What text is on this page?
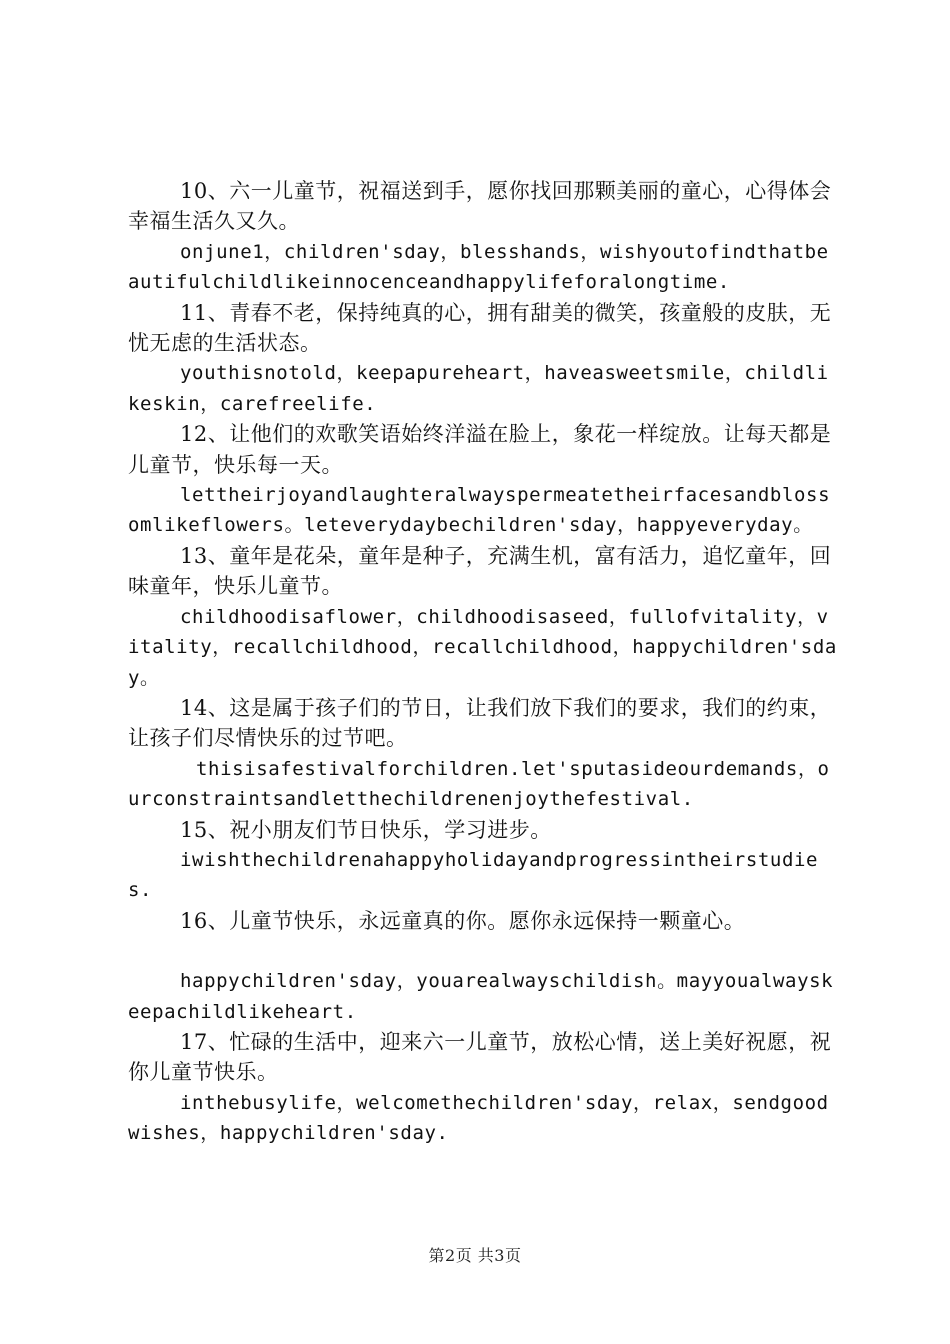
10、六一儿童节，祝福送到手，愿你找回那颗美丽的童心，心得体会幸福生活久又久。

onjune1，children'sday，blesshands，wishyoutofindthatbeautifulchildlikeinnocenceandhappylifeforalongtime.

11、青春不老，保持纯真的心，拥有甜美的微笑，孩童般的皮肤，无忧无虑的生活状态。

youthisnotold，keepapureheart，haveasweetsmile，childlikeskin，carefreelife.

12、让他们的欢歌笑语始终洋溢在脸上，象花一样绽放。让每天都是儿童节，快乐每一天。

lettheirjoyandlaughteralwayspermeatetheirfacesandblossomlikeflowers。leteverydaybechildren'sday，happyeveryday。

13、童年是花朵，童年是种子，充满生机，富有活力，追忆童年，回味童年，快乐儿童节。

childhoodisaflower，childhoodisaseed，fullofvitality，vitality，recallchildhood，recallchildhood，happychildren'sday。

14、这是属于孩子们的节日，让我们放下我们的要求，我们的约束，让孩子们尽情快乐的过节吧。

thisisafestivalforchildren.let'sputasideourdemands，ourconstraintsandletthechildrenenjoythefestival.

15、祝小朋友们节日快乐，学习进步。

iwishthechildrenahappyholidayandprogressintheirstudies.

16、儿童节快乐，永远童真的你。愿你永远保持一颗童心。

happychildren'sday，youarealwayschildish。mayyoualwayskeepachildlikeheart.

17、忙碌的生活中，迎来六一儿童节，放松心情，送上美好祝愿，祝你儿童节快乐。

inthebusylife，welcomethechildren'sday，relax，sendgoodwishes，happychildren'sday.

第2页 共3页
